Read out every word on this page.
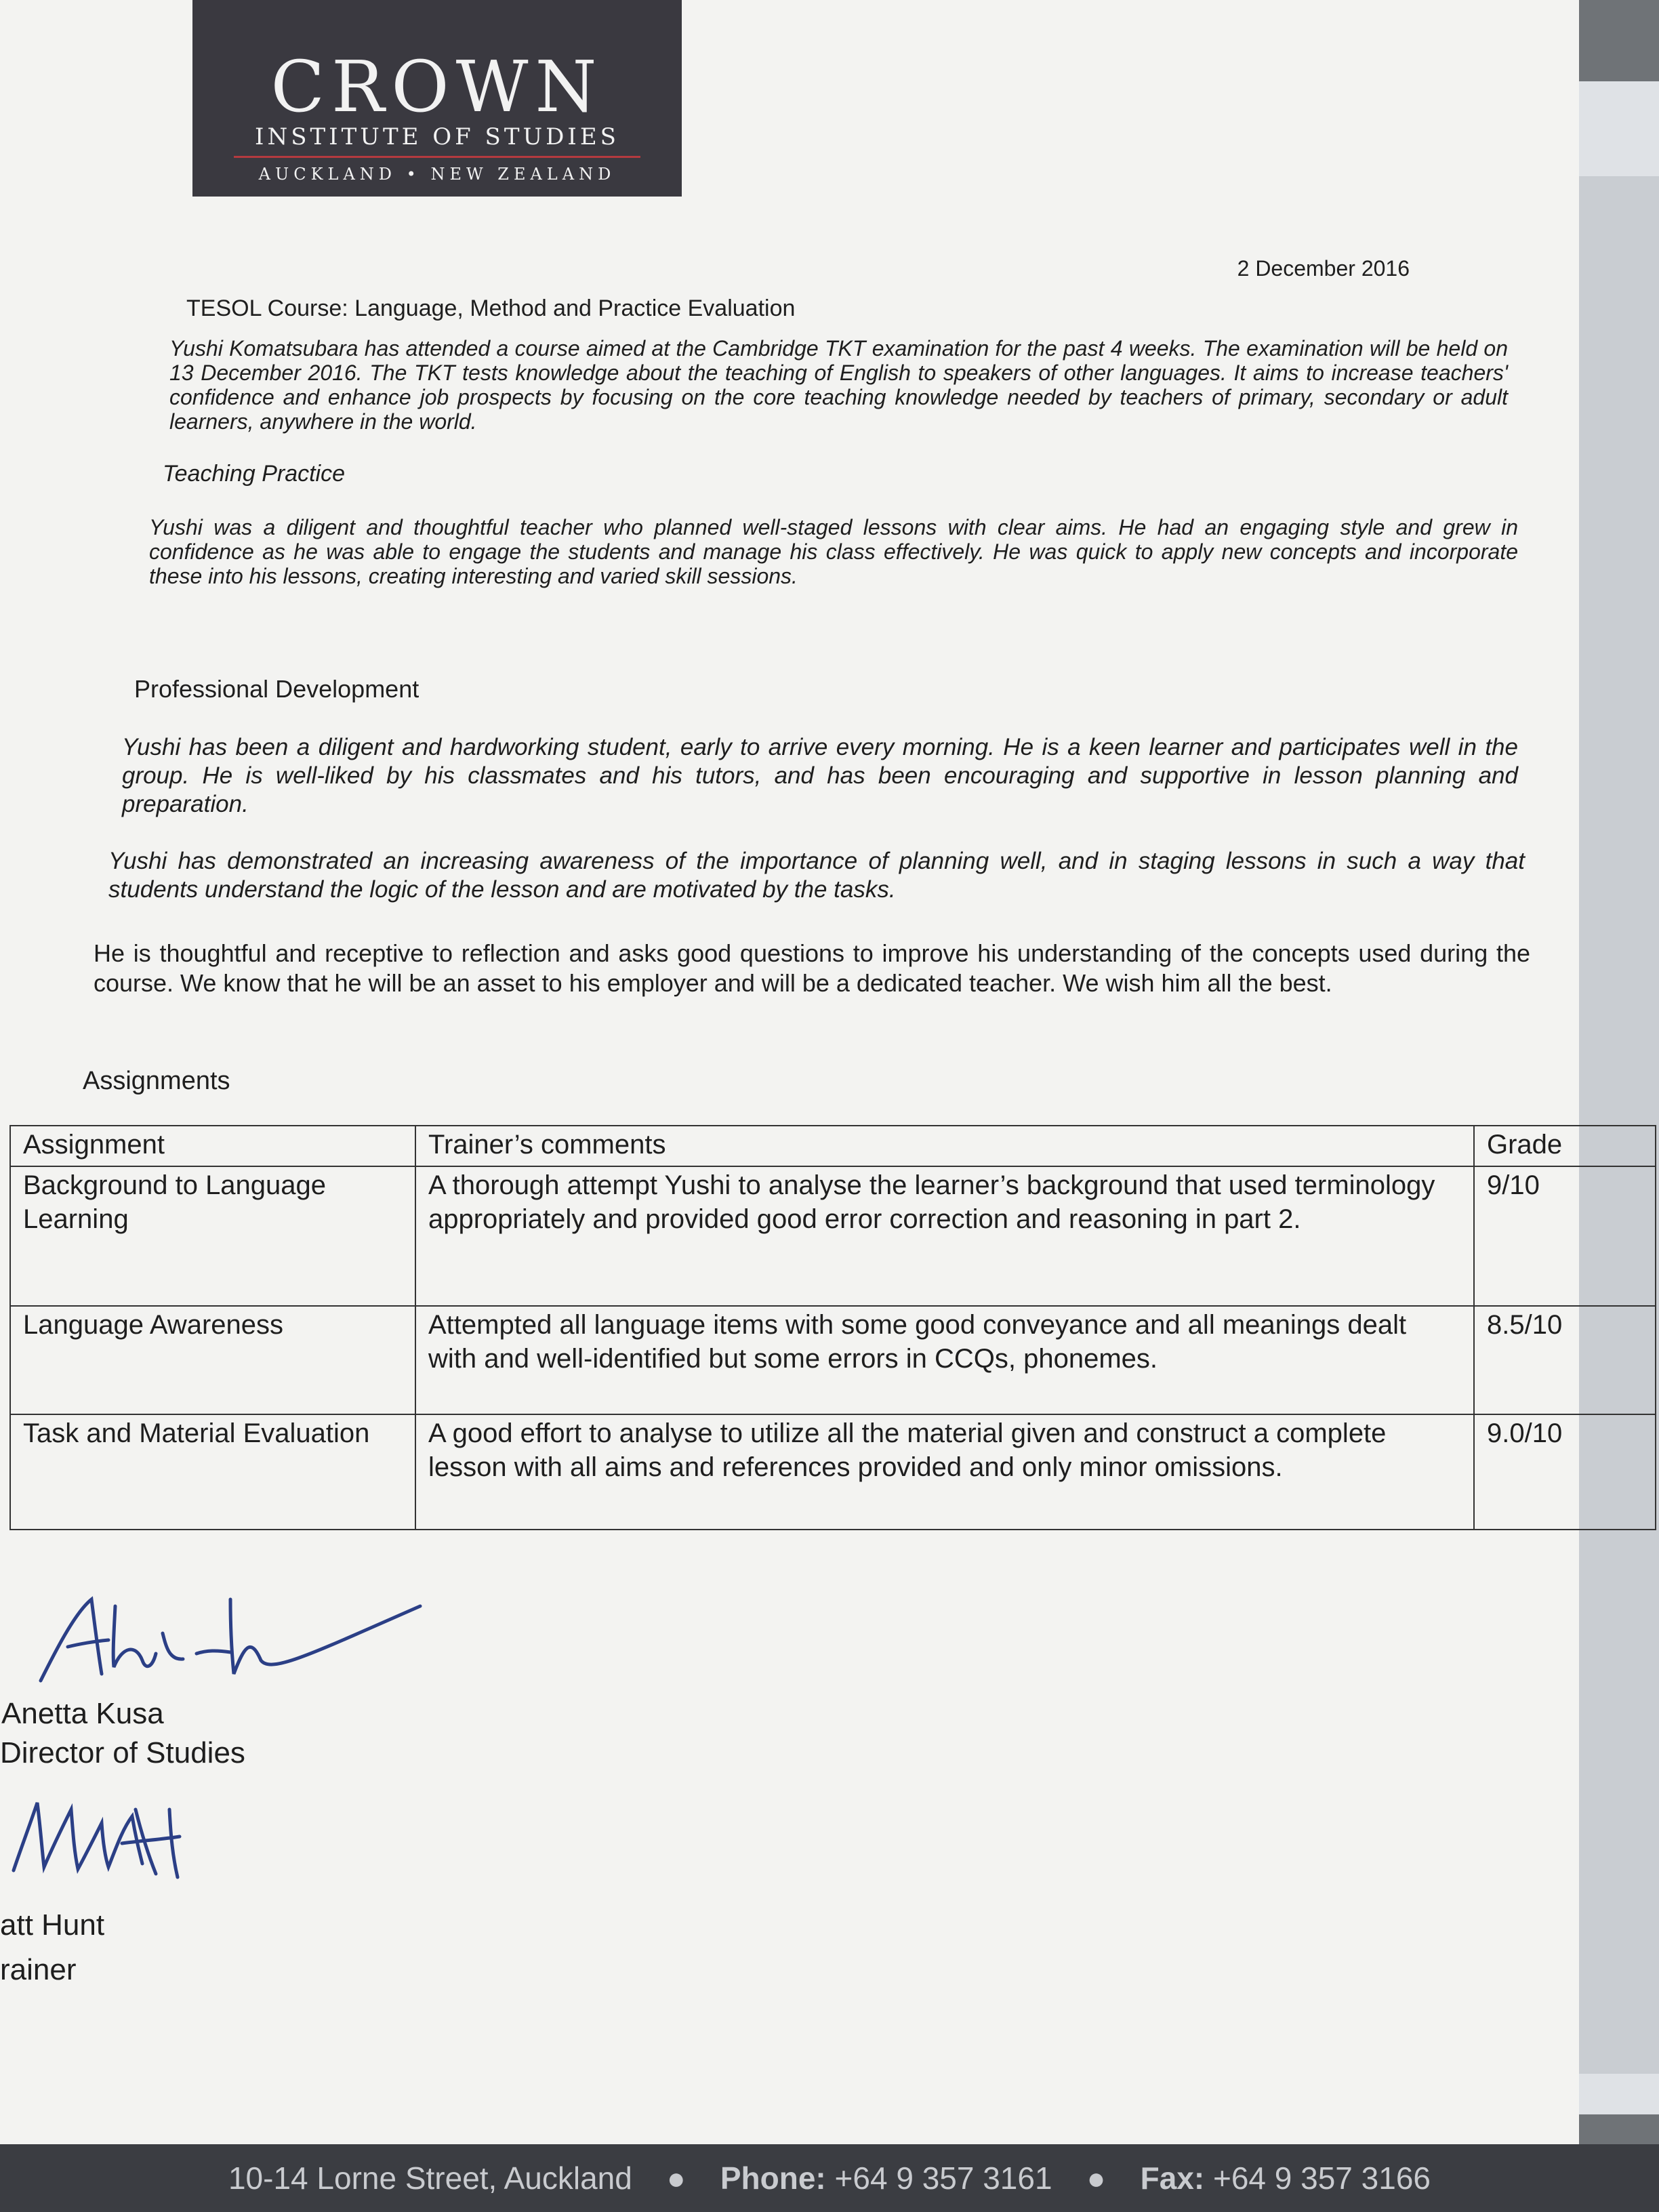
CROWN
INSTITUTE OF STUDIES
AUCKLAND • NEW ZEALAND
2 December 2016
TESOL Course: Language, Method and Practice Evaluation

Yushi Komatsubara has attended a course aimed at the Cambridge TKT examination for the past 4 weeks. The examination will be held on 13 December 2016. The TKT tests knowledge about the teaching of English to speakers of other languages. It aims to increase teachers' confidence and enhance job prospects by focusing on the core teaching knowledge needed by teachers of primary, secondary or adult learners, anywhere in the world.

Teaching Practice

Yushi was a diligent and thoughtful teacher who planned well-staged lessons with clear aims. He had an engaging style and grew in confidence as he was able to engage the students and manage his class effectively. He was quick to apply new concepts and incorporate these into his lessons, creating interesting and varied skill sessions.

Professional Development

Yushi has been a diligent and hardworking student, early to arrive every morning. He is a keen learner and participates well in the group. He is well-liked by his classmates and his tutors, and has been encouraging and supportive in lesson planning and preparation.

Yushi has demonstrated an increasing awareness of the importance of planning well, and in staging lessons in such a way that students understand the logic of the lesson and are motivated by the tasks.

He is thoughtful and receptive to reflection and asks good questions to improve his understanding of the concepts used during the course. We know that he will be an asset to his employer and will be a dedicated teacher. We wish him all the best.

Assignments
Assignment	Trainer’s comments	Grade
Background to Language Learning	A thorough attempt Yushi to analyse the learner’s background that used terminology appropriately and provided good error correction and reasoning in part 2.	9/10
Language Awareness	Attempted all language items with some good conveyance and all meanings dealt with and well-identified but some errors in CCQs, phonemes.	8.5/10
Task and Material Evaluation	A good effort to analyse to utilize all the material given and construct a complete lesson with all aims and references provided and only minor omissions.	9.0/10
Anetta Kusa
Director of Studies
att Hunt
rainer
10-14 Lorne Street, Auckland    ●    Phone: +64 9 357 3161    ●    Fax: +64 9 357 3166
